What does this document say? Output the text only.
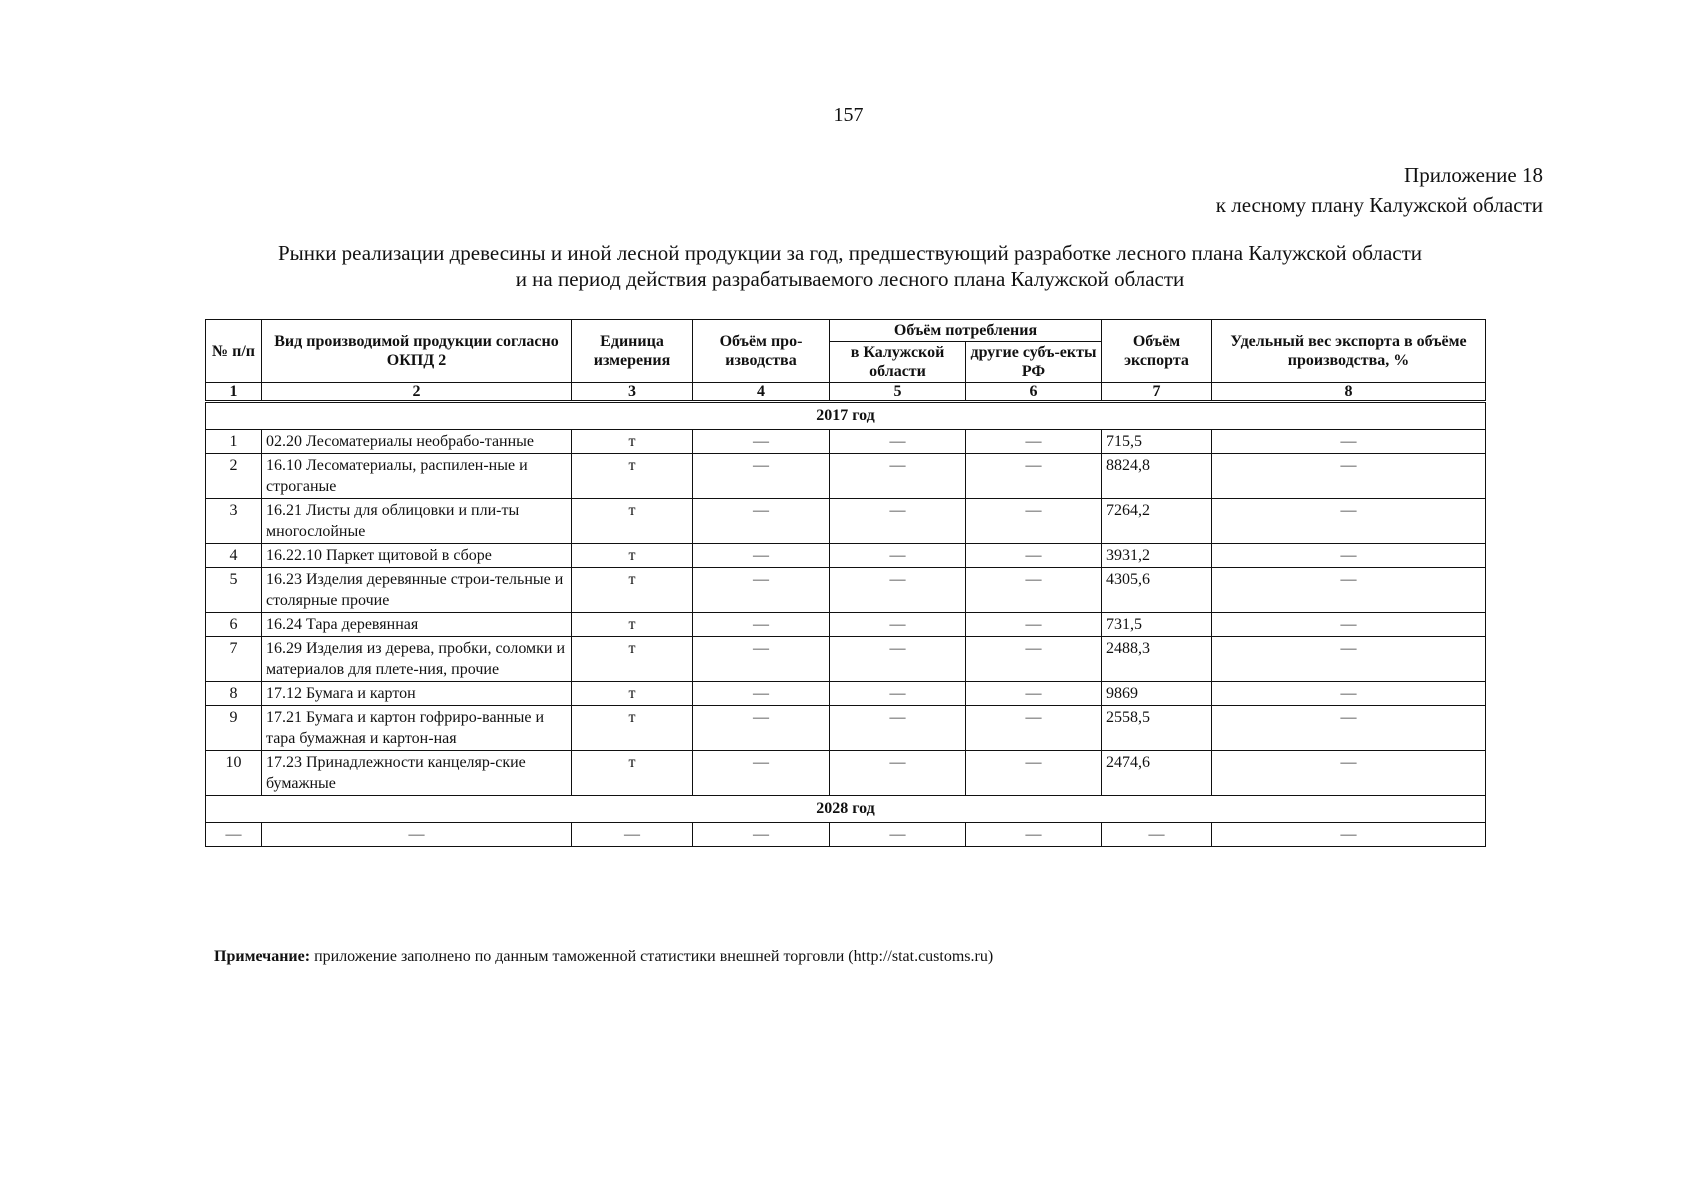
157
Приложение 18
к лесному плану Калужской области
Рынки реализации древесины и иной лесной продукции за год, предшествующий разработке лесного плана Калужской области
и на период действия разрабатываемого лесного плана Калужской области
№ п/п	Вид производимой продукции согласно ОКПД 2	Единица измерения	Объём про-изводства	Объём потребления		Объём экспорта	Удельный вес экспорта в объёме производства, %
				в Калужской области	другие субъ-екты РФ		
1	2	3	4	5	6	7	8
2017 год							
1	02.20 Лесоматериалы необрабо-танные	т	—	—	—	715,5	—
2	16.10 Лесоматериалы, распилен-ные и строганые	т	—	—	—	8824,8	—
3	16.21 Листы для облицовки и пли-ты многослойные	т	—	—	—	7264,2	—
4	16.22.10 Паркет щитовой в сборе	т	—	—	—	3931,2	—
5	16.23 Изделия деревянные строи-тельные и столярные прочие	т	—	—	—	4305,6	—
6	16.24 Тара деревянная	т	—	—	—	731,5	—
7	16.29 Изделия из дерева, пробки, соломки и материалов для плете-ния, прочие	т	—	—	—	2488,3	—
8	17.12 Бумага и картон	т	—	—	—	9869	—
9	17.21 Бумага и картон гофриро-ванные и тара бумажная и картон-ная	т	—	—	—	2558,5	—
10	17.23 Принадлежности канцеляр-ские бумажные	т	—	—	—	2474,6	—
2028 год							
—	—	—	—	—	—	—	—
Примечание: приложение заполнено по данным таможенной статистики внешней торговли (http://stat.customs.ru)
